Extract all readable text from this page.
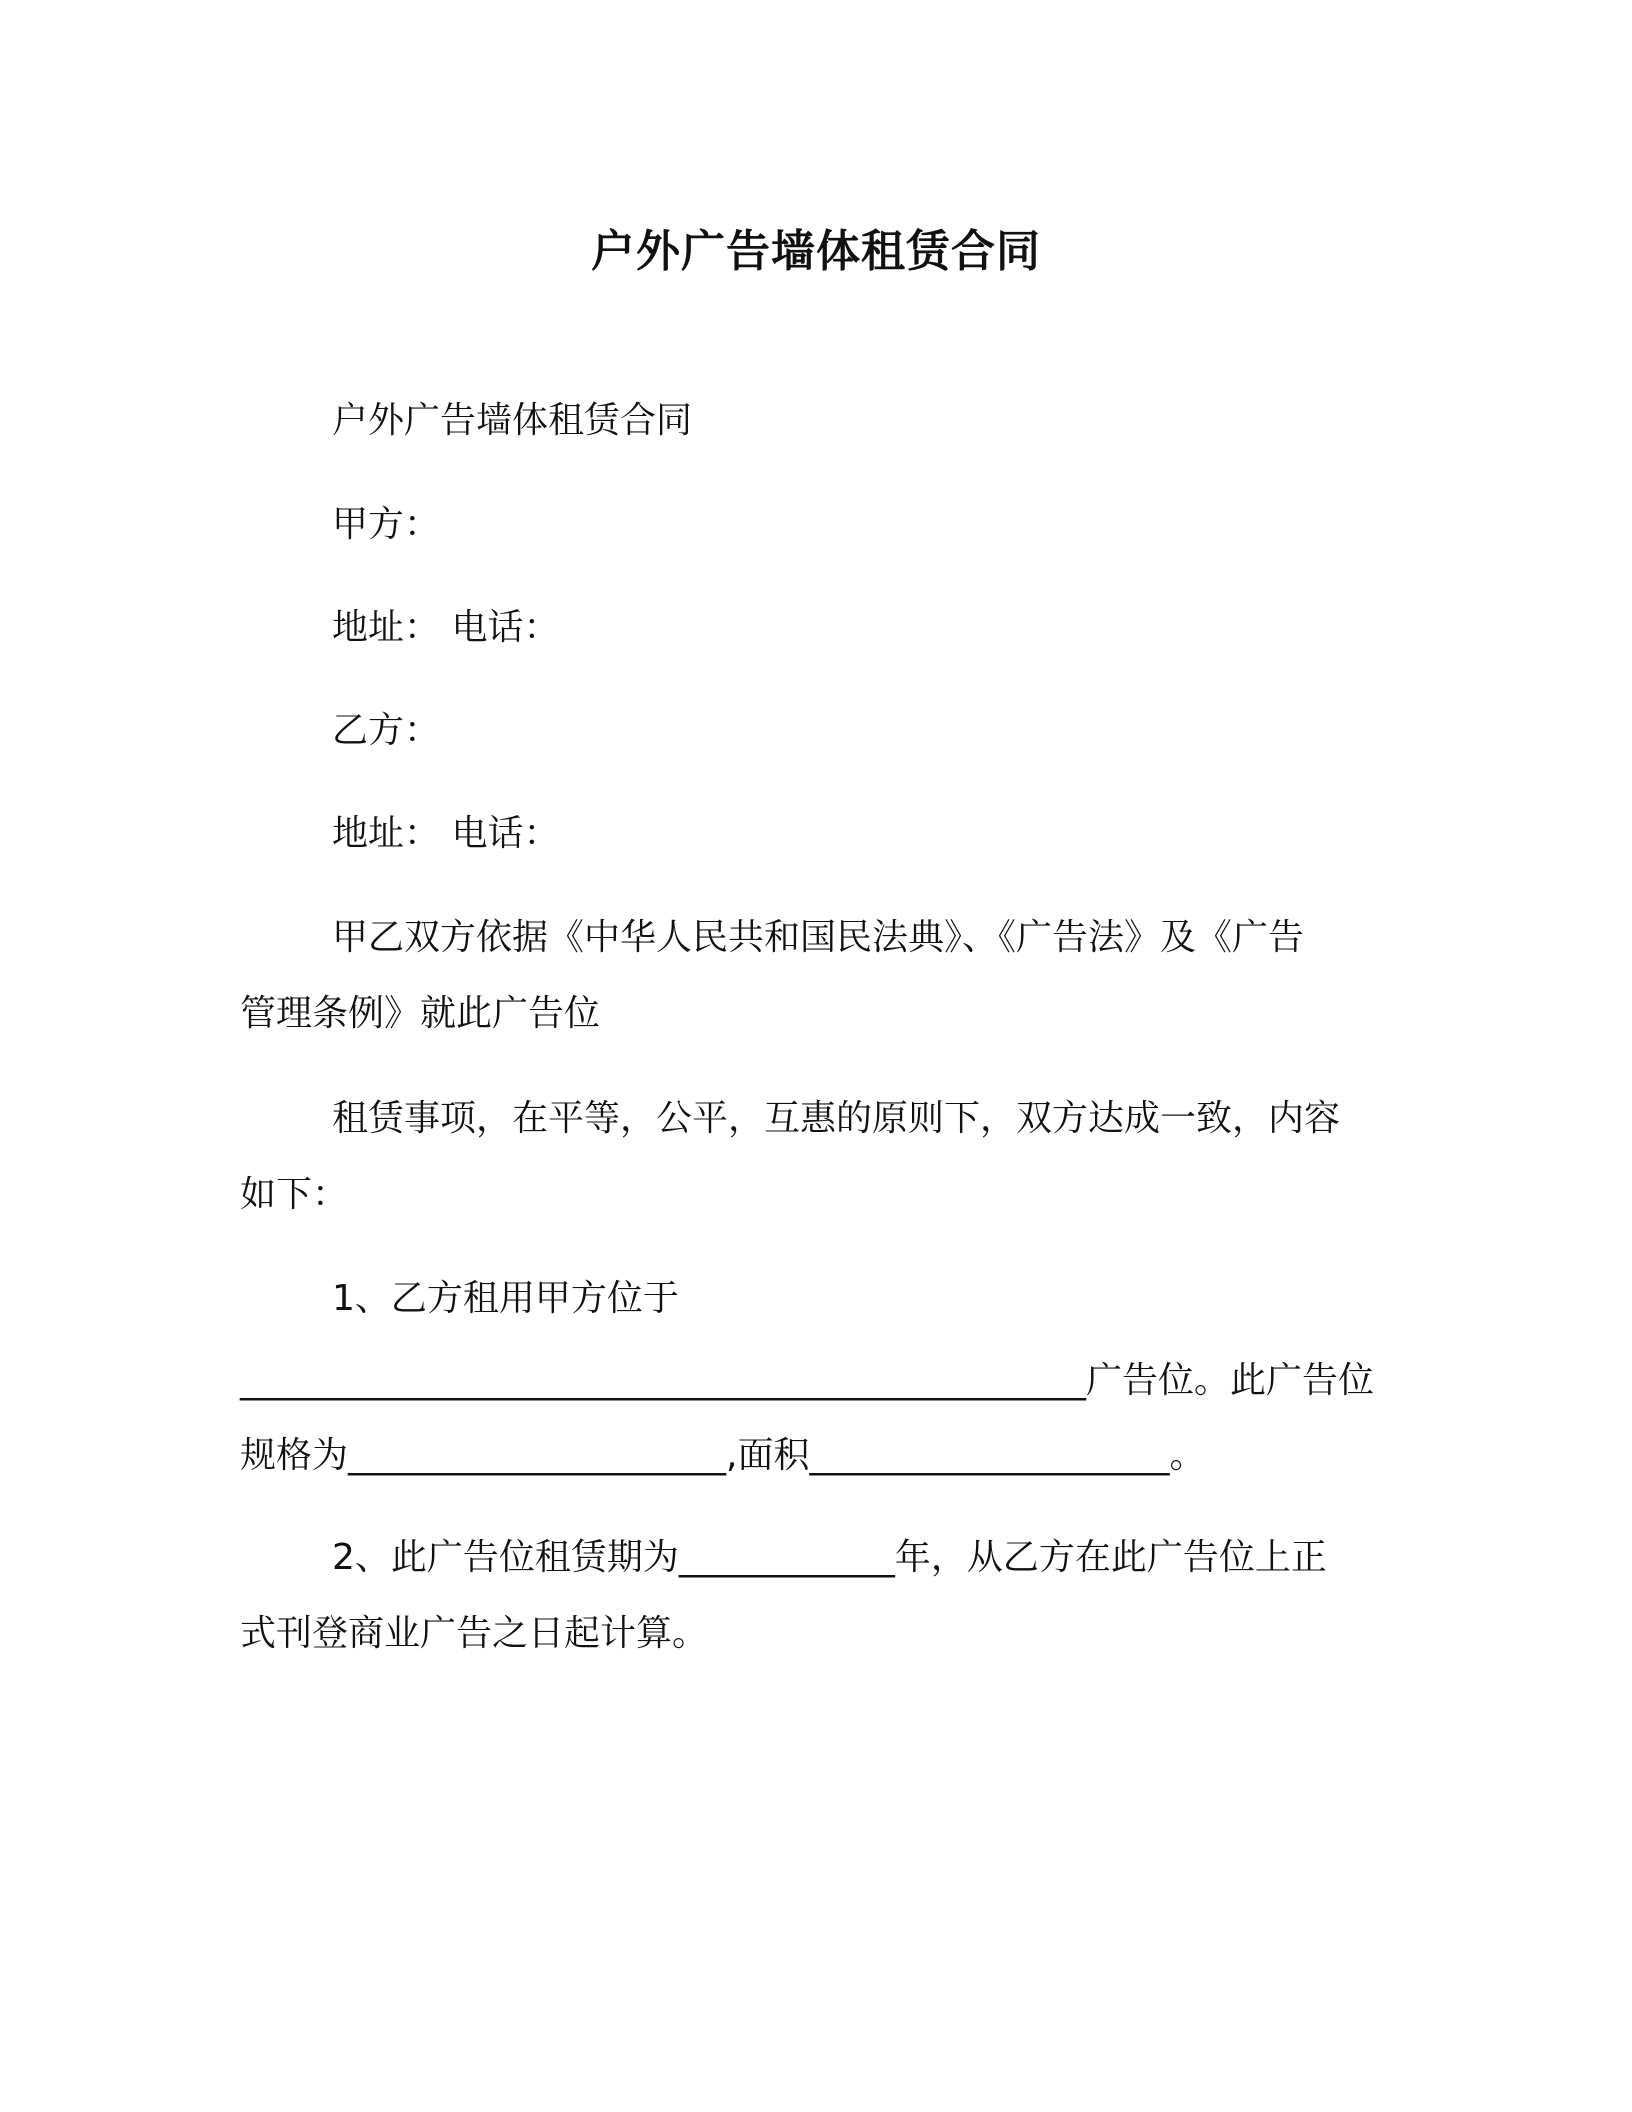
户外广告墙体租赁合同
户外广告墙体租赁合同
甲方：
地址： 电话：
乙方：
地址： 电话：
甲乙双方依据《中华人民共和国民法典》、《广告法》及《广告
管理条例》就此广告位
租赁事项，在平等，公平，互惠的原则下，双方达成一致，内容
如下：
1、乙方租用甲方位于
_______________________________________________广告位。此广告位
规格为_____________________,面积____________________。
2、此广告位租赁期为____________年，从乙方在此广告位上正
式刊登商业广告之日起计算。
